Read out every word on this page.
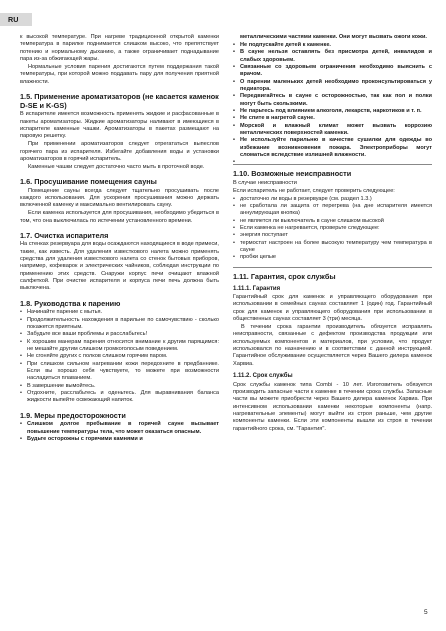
RU

к высокой температуре. При нагреве традиционной открытой каменки температура в парилке поднимается слишком высоко, что препятствует потению и нормальному дыханию, а также ограничивает поднадывание пара из-за обжигающей жары.

Нормальные условия парения достигаются путем поддержания такой температуры, при которой можно поддавать пару для получения приятной влажности.

1.5. Применение ароматизаторов (не касается каменок D-SE и K-GS)

В испарителе имеется возможность применять жидкие и расфасованные в пакеты ароматизаторы. Жидкие ароматизаторы наливают в имеющиеся в испарителе каменные чашки. Ароматизаторы в пакетах размещают на паровую решетку.

При применении ароматизаторов следует отрегататься выпеслов горячего пара из испарителя. Избегайте добавления воды и установки ароматизаторов в горячий испаритель.

Каменные чашки следует достаточно часто мыть в проточной воде.

1.6. Просушивание помещения сауны

Помещение сауны всегда следует тщательно просушивать после каждого использования. Для ускорения просушивания можно держать включенной каменку и максимально вентилировать сауну.

Если каменка используется для просушивания, необходимо убедиться в том, что она выключилась по истечении установленного времени.

1.7. Очистка испарителя

На стенках резервуара для воды осаждаются находящиеся в воде примеси, такие, как известь. Для удаления известкового налета можно применять средства для удаления известкового налета со стенок бытовых приборов, например, кофеварок и электрических чайников, соблюдая инструкции по применению этих средств. Снаружи корпус печи очищают влажной салфеткой. При очистке испарителя и корпуса печи печь должна быть выключена.

1.8. Руководства к парению
• Начинайте парение с мытья.
• Продолжительность нахождения в парильне по самочувствию - сколько покажется приятным.
• Забудьте все ваши проблемы и расслабьтесь!
• К хорошим манерам парения относится внимание к другим парящимся: не мешайте другим слишком громкоголосым поведением.
• Не сгоняйте других с полков слишком горячим паром.
• При слишком сильном нагревании кожи передохните в предбаннике. Если вы хорошо себя чувствуете, то можете при возможности насладиться плаванием.
• В завершение вымойтесь.
• Отдохните, расслабьтесь и оденьтесь. Для выравнивания баланса жидкости выпейте освежающий напиток.
1.9. Меры предосторожности
• Слишком долгое пребывание в горячей сауне вызывает повышение температуры тела, что может оказаться опасным.
• Будьте осторожны с горячими камнями и

металлическими частями каменки. Они могут вызвать ожоги кожи.

• Не подпускайте детей к каменке.
• В сауне нельзя оставлять без присмотра детей, инвалидов и слабых здоровьем.
• Связанные со здоровьем ограничения необходимо выяснить с врачом.
• О парении маленьких детей необходимо проконсультироваться у педиатора.
• Передвигайтесь в сауне с осторожностью, так как пол и полки могут быть скользкими.
• Не парьтесь под влиянием алкоголя, лекарств, наркотиков и т. п.
• Не спите в нагретой сауне.
• Морской и влажный климат может вызвать коррозию металлических поверхностей каменки.
• Не используйте парильню в качестве сушилки для одежды во избежание возникновения пожара. Электроприборы могут сломаться вследствие излишней влажности.
1.10. Возможные неисправности

В случае неисправности

Если испаритель не работает, следует проверить следующее:

• достаточно ли воды в резервуаре (см. раздел 1.3.)
• не сработала ли защита от перегрева (на дне испарителя имеется аннулирующая кнопка)
• не является ли выключатель в сауне слишком высокой
• Если каменка не нагревается, проверьте следующее:
• энергия поступает
• термостат настроен на более высокую температуру чем температура в сауне
• пробки целые
1.11. Гарантия, срок службы
1.11.1. Гарантия

Гарантийный срок для каменок и управляющего оборудования при использовании в семейных саунах составляет 1 (один) год. Гарантийный срок для каменок и управляющего оборудования при использовании в общественных саунах составляет 3 (три) месяца.

В течении срока гарантии производитель обязуется исправлять неисправности, связанные с дефектом производства продукции или используемых компонентов и материалов, при условии, что продукт использовался по назначению и в соответствии с данной инструкцией. Гарантийное обслуживание осуществляется через Вашего дилера каменок Харвиа.

1.11.2. Срок службы

Срок службы каменок типа Combi - 10 лет. Изготовитель обязуется производить запасные части к каменке в течении срока службы. Запасные части вы можете приобрести через Вашего дилера каменок Харвиа. При интенсивном использовании каменки некоторые компоненты (напр. нагревательные элементы) могут выйти из строя раньше, чем другие компоненты каменки. Если эти компоненты вышли из строя в течении гарантийного срока, см. "Гарантия".

5
